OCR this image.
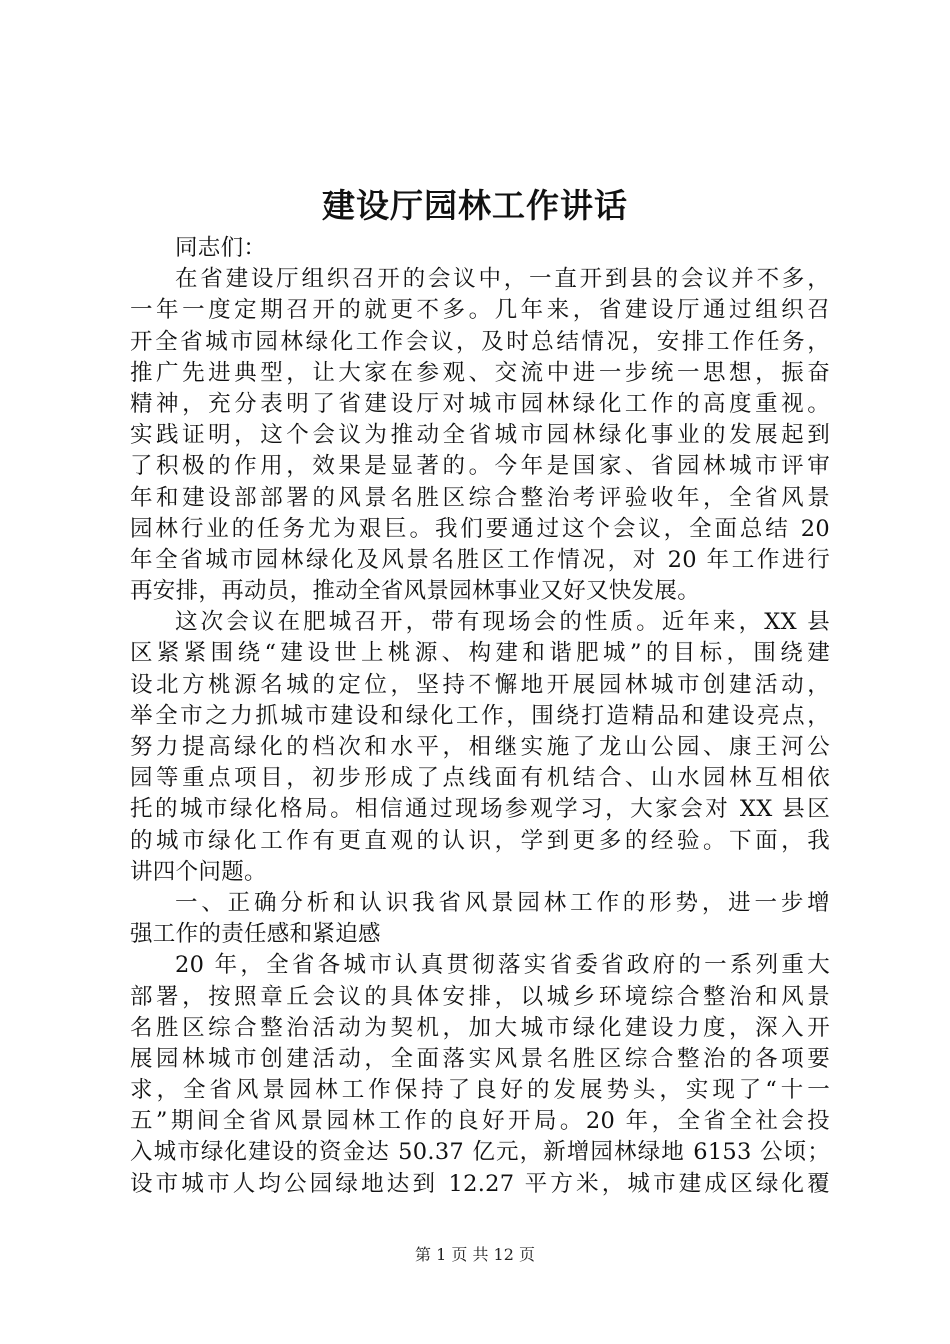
建设厅园林工作讲话
同志们：
在省建设厅组织召开的会议中，一直开到县的会议并不多，
一年一度定期召开的就更不多。几年来，省建设厅通过组织召
开全省城市园林绿化工作会议，及时总结情况，安排工作任务，
推广先进典型，让大家在参观、交流中进一步统一思想，振奋
精神，充分表明了省建设厅对城市园林绿化工作的高度重视。
实践证明，这个会议为推动全省城市园林绿化事业的发展起到
了积极的作用，效果是显著的。今年是国家、省园林城市评审
年和建设部部署的风景名胜区综合整治考评验收年，全省风景
园林行业的任务尤为艰巨。我们要通过这个会议，全面总结 20
年全省城市园林绿化及风景名胜区工作情况，对 20 年工作进行
再安排，再动员，推动全省风景园林事业又好又快发展。
这次会议在肥城召开，带有现场会的性质。近年来，XX 县
区紧紧围绕“建设世上桃源、构建和谐肥城”的目标，围绕建
设北方桃源名城的定位，坚持不懈地开展园林城市创建活动，
举全市之力抓城市建设和绿化工作，围绕打造精品和建设亮点，
努力提高绿化的档次和水平，相继实施了龙山公园、康王河公
园等重点项目，初步形成了点线面有机结合、山水园林互相依
托的城市绿化格局。相信通过现场参观学习，大家会对 XX 县区
的城市绿化工作有更直观的认识，学到更多的经验。下面，我
讲四个问题。
一、正确分析和认识我省风景园林工作的形势，进一步增
强工作的责任感和紧迫感
20 年，全省各城市认真贯彻落实省委省政府的一系列重大
部署，按照章丘会议的具体安排，以城乡环境综合整治和风景
名胜区综合整治活动为契机，加大城市绿化建设力度，深入开
展园林城市创建活动，全面落实风景名胜区综合整治的各项要
求，全省风景园林工作保持了良好的发展势头，实现了“十一
五”期间全省风景园林工作的良好开局。20 年，全省全社会投
入城市绿化建设的资金达 50.37 亿元，新增园林绿地 6153 公顷；
设市城市人均公园绿地达到 12.27 平方米，城市建成区绿化覆
第 1 页 共 12 页
